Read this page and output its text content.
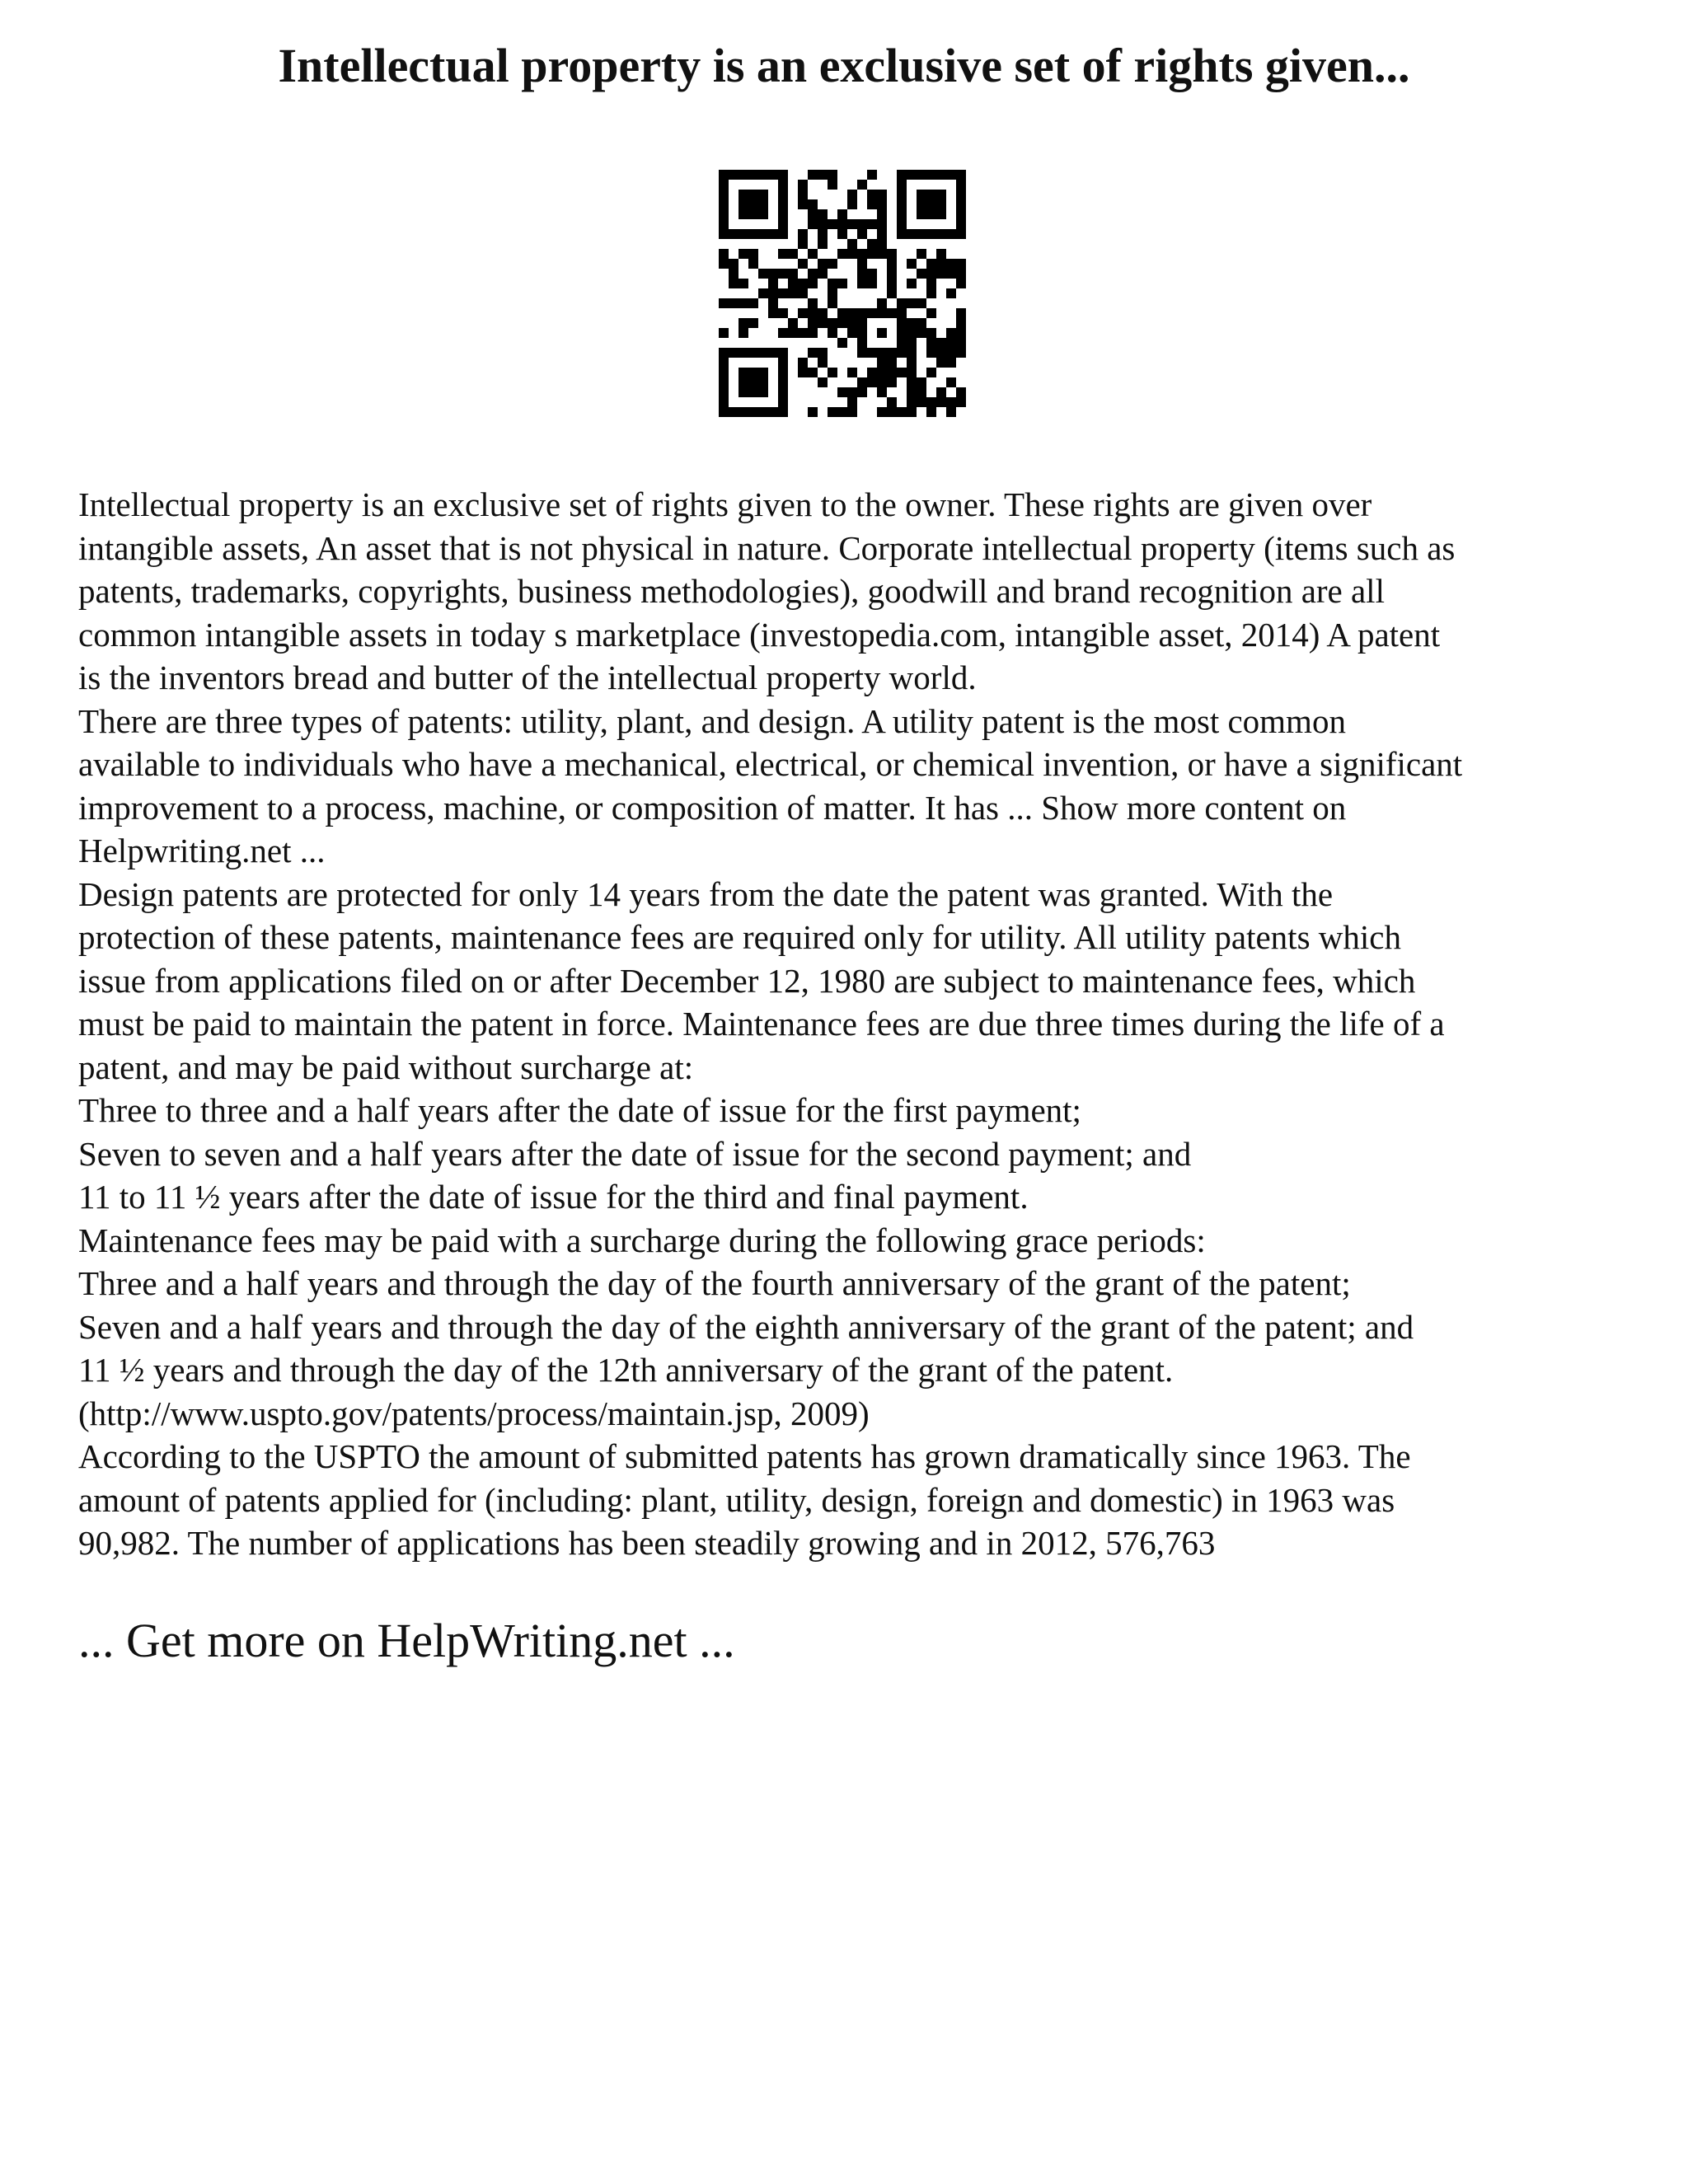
Intellectual property is an exclusive set of rights given...
Intellectual property is an exclusive set of rights given to the owner. These rights are given over
intangible assets, An asset that is not physical in nature. Corporate intellectual property (items such as
patents, trademarks, copyrights, business methodologies), goodwill and brand recognition are all
common intangible assets in today s marketplace (investopedia.com, intangible asset, 2014) A patent
is the inventors bread and butter of the intellectual property world.
There are three types of patents: utility, plant, and design. A utility patent is the most common
available to individuals who have a mechanical, electrical, or chemical invention, or have a significant
improvement to a process, machine, or composition of matter. It has ... Show more content on
Helpwriting.net ...
Design patents are protected for only 14 years from the date the patent was granted. With the
protection of these patents, maintenance fees are required only for utility. All utility patents which
issue from applications filed on or after December 12, 1980 are subject to maintenance fees, which
must be paid to maintain the patent in force. Maintenance fees are due three times during the life of a
patent, and may be paid without surcharge at:
Three to three and a half years after the date of issue for the first payment;
Seven to seven and a half years after the date of issue for the second payment; and
11 to 11 ½ years after the date of issue for the third and final payment.
Maintenance fees may be paid with a surcharge during the following grace periods:
Three and a half years and through the day of the fourth anniversary of the grant of the patent;
Seven and a half years and through the day of the eighth anniversary of the grant of the patent; and
11 ½ years and through the day of the 12th anniversary of the grant of the patent.
(http://www.uspto.gov/patents/process/maintain.jsp, 2009)
According to the USPTO the amount of submitted patents has grown dramatically since 1963. The
amount of patents applied for (including: plant, utility, design, foreign and domestic) in 1963 was
90,982. The number of applications has been steadily growing and in 2012, 576,763
... Get more on HelpWriting.net ...
